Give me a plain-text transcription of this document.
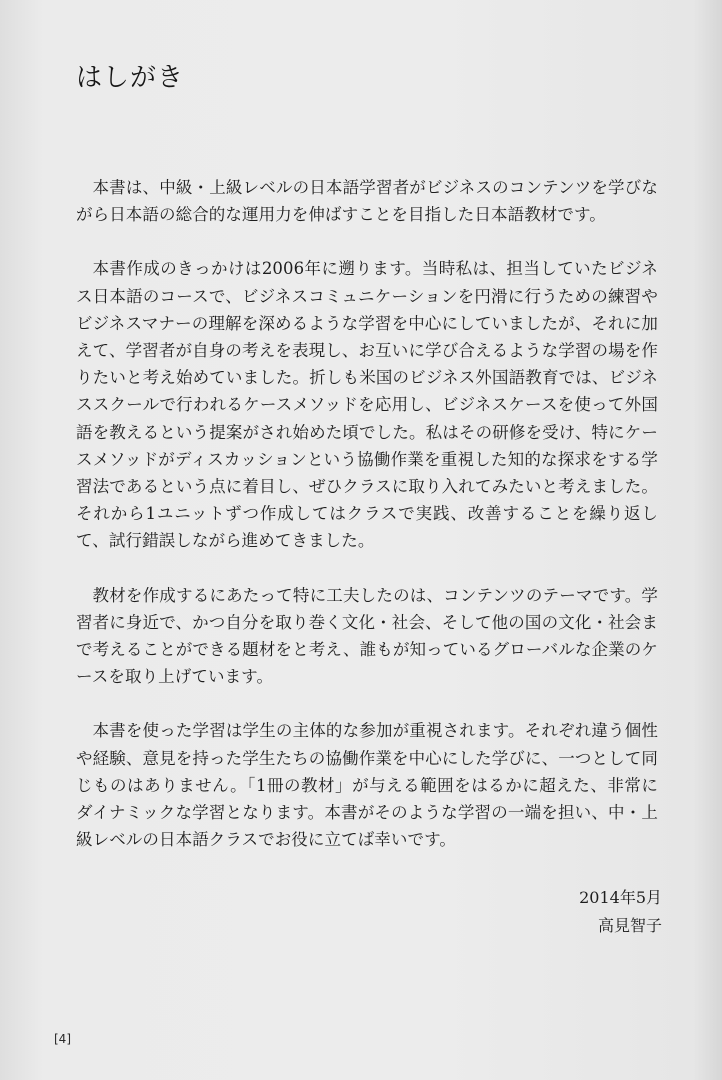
はしがき

本書は、中級・上級レベルの日本語学習者がビジネスのコンテンツを学びながら日本語の総合的な運用力を伸ばすことを目指した日本語教材です。

本書作成のきっかけは2006年に遡ります。当時私は、担当していたビジネス日本語のコースで、ビジネスコミュニケーションを円滑に行うための練習やビジネスマナーの理解を深めるような学習を中心にしていましたが、それに加えて、学習者が自身の考えを表現し、お互いに学び合えるような学習の場を作りたいと考え始めていました。折しも米国のビジネス外国語教育では、ビジネススクールで行われるケースメソッドを応用し、ビジネスケースを使って外国語を教えるという提案がされ始めた頃でした。私はその研修を受け、特にケースメソッドがディスカッションという協働作業を重視した知的な探求をする学習法であるという点に着目し、ぜひクラスに取り入れてみたいと考えました。それから1ユニットずつ作成してはクラスで実践、改善することを繰り返して、試行錯誤しながら進めてきました。

教材を作成するにあたって特に工夫したのは、コンテンツのテーマです。学習者に身近で、かつ自分を取り巻く文化・社会、そして他の国の文化・社会まで考えることができる題材をと考え、誰もが知っているグローバルな企業のケースを取り上げています。

本書を使った学習は学生の主体的な参加が重視されます。それぞれ違う個性や経験、意見を持った学生たちの協働作業を中心にした学びに、一つとして同じものはありません。「1冊の教材」が与える範囲をはるかに超えた、非常にダイナミックな学習となります。本書がそのような学習の一端を担い、中・上級レベルの日本語クラスでお役に立てば幸いです。

2014年5月
高見智子
[4]
